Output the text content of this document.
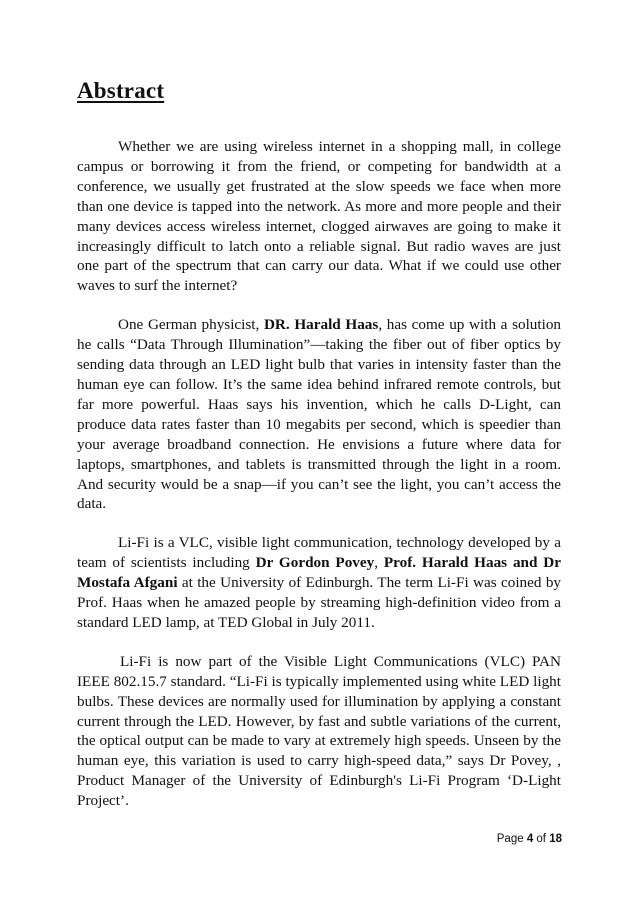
Abstract

Whether we are using wireless internet in a shopping mall, in college campus or borrowing it from the friend, or competing for bandwidth at a conference, we usually get frustrated at the slow speeds we face when more than one device is tapped into the network. As more and more people and their many devices access wireless internet, clogged airwaves are going to make it increasingly difficult to latch onto a reliable signal. But radio waves are just one part of the spectrum that can carry our data. What if we could use other waves to surf the internet?

One German physicist, DR. Harald Haas, has come up with a solution he calls “Data Through Illumination”—taking the fiber out of fiber optics by sending data through an LED light bulb that varies in intensity faster than the human eye can follow. It’s the same idea behind infrared remote controls, but far more powerful. Haas says his invention, which he calls D-Light, can produce data rates faster than 10 megabits per second, which is speedier than your average broadband connection. He envisions a future where data for laptops, smartphones, and tablets is transmitted through the light in a room. And security would be a snap—if you can’t see the light, you can’t access the data.

Li-Fi is a VLC, visible light communication, technology developed by a team of scientists including Dr Gordon Povey, Prof. Harald Haas and Dr Mostafa Afgani at the University of Edinburgh. The term Li-Fi was coined by Prof. Haas when he amazed people by streaming high-definition video from a standard LED lamp, at TED Global in July 2011.

Li-Fi is now part of the Visible Light Communications (VLC) PAN IEEE 802.15.7 standard. “Li-Fi is typically implemented using white LED light bulbs. These devices are normally used for illumination by applying a constant current through the LED. However, by fast and subtle variations of the current, the optical output can be made to vary at extremely high speeds. Unseen by the human eye, this variation is used to carry high-speed data,” says Dr Povey, , Product Manager of the University of Edinburgh's Li-Fi Program ‘D-Light Project’.

Page 4 of 18
